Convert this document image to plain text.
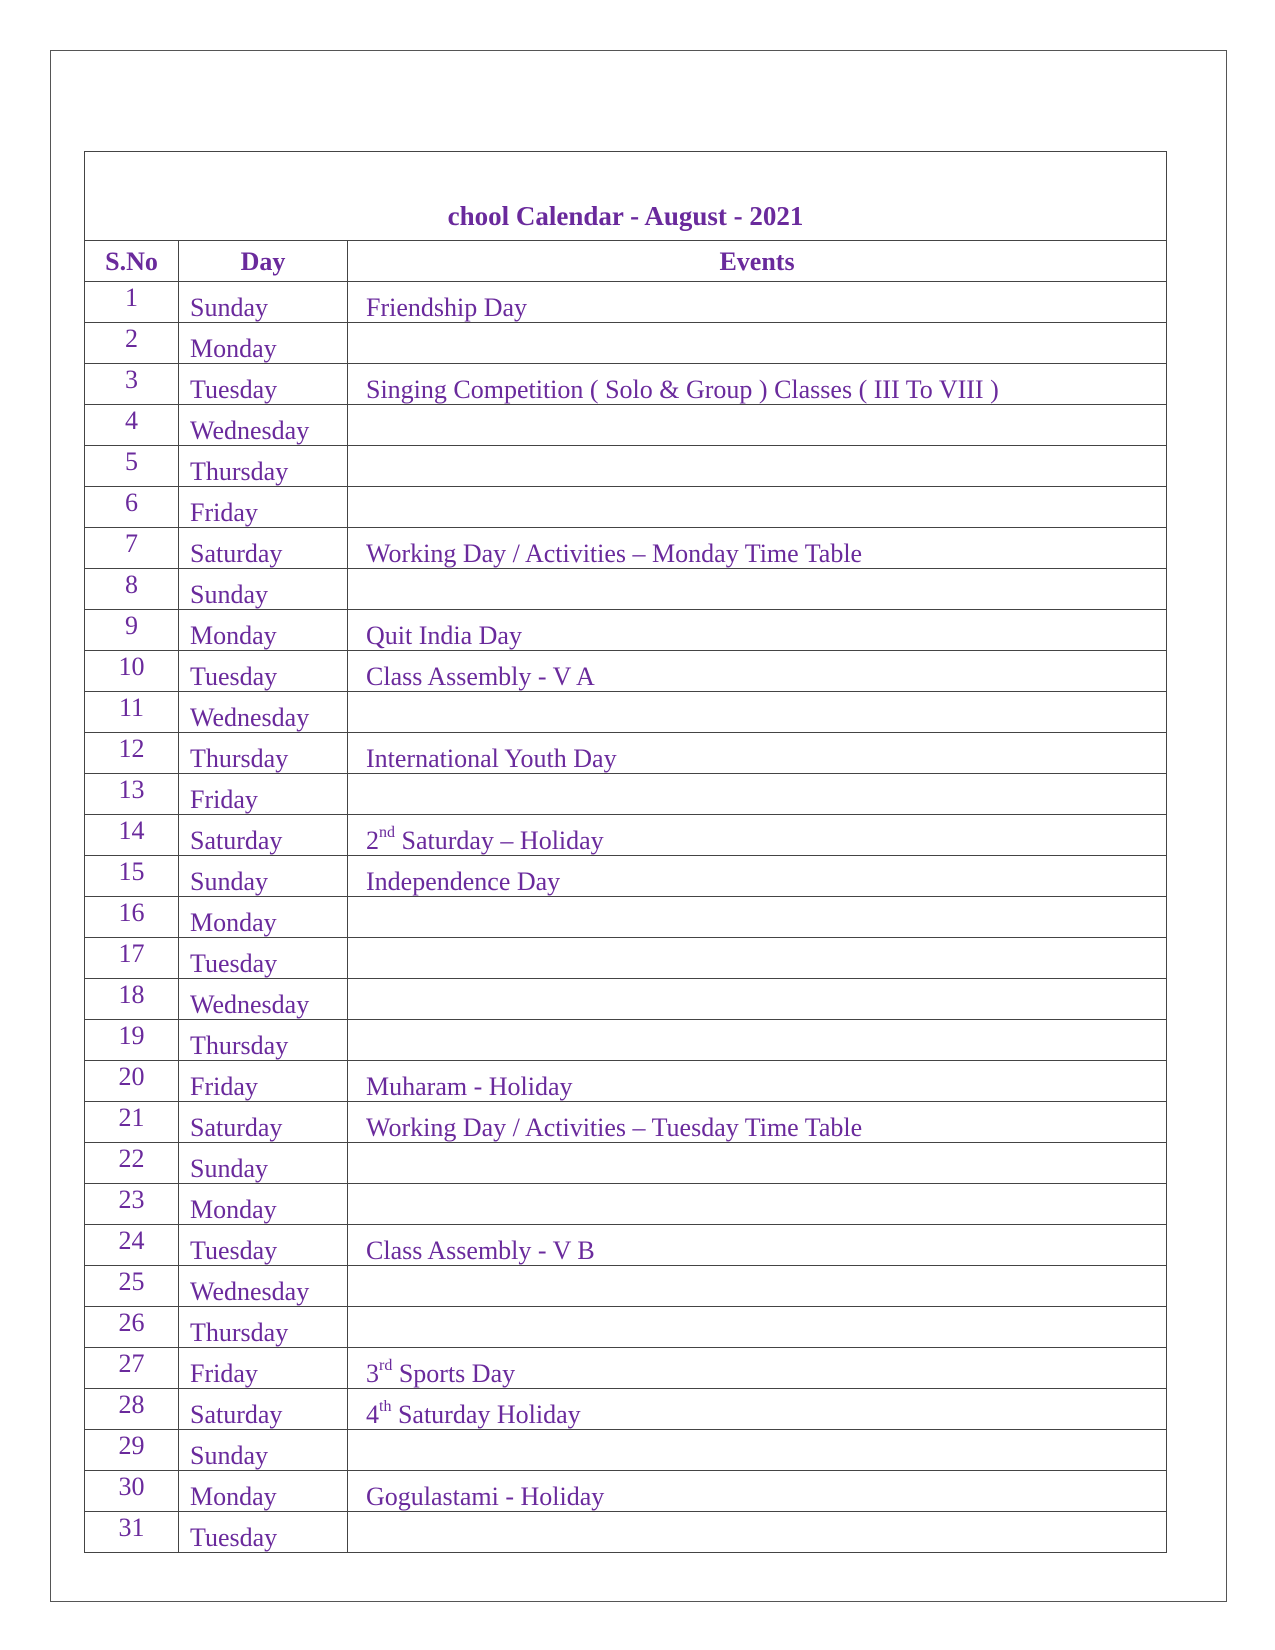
chool Calendar - August - 2021
S.No	Day	Events
1	Sunday	Friendship Day
2	Monday
3	Tuesday	Singing Competition ( Solo & Group ) Classes ( III To VIII )
4	Wednesday
5	Thursday
6	Friday
7	Saturday	Working Day / Activities – Monday Time Table
8	Sunday
9	Monday	Quit India Day
10	Tuesday	Class Assembly - V A
11	Wednesday
12	Thursday	International Youth Day
13	Friday
14	Saturday	2nd Saturday – Holiday
15	Sunday	Independence Day
16	Monday
17	Tuesday
18	Wednesday
19	Thursday
20	Friday	Muharam - Holiday
21	Saturday	Working Day / Activities – Tuesday Time Table
22	Sunday
23	Monday
24	Tuesday	Class Assembly - V B
25	Wednesday
26	Thursday
27	Friday	3rd Sports Day
28	Saturday	4th Saturday Holiday
29	Sunday
30	Monday	Gogulastami - Holiday
31	Tuesday
